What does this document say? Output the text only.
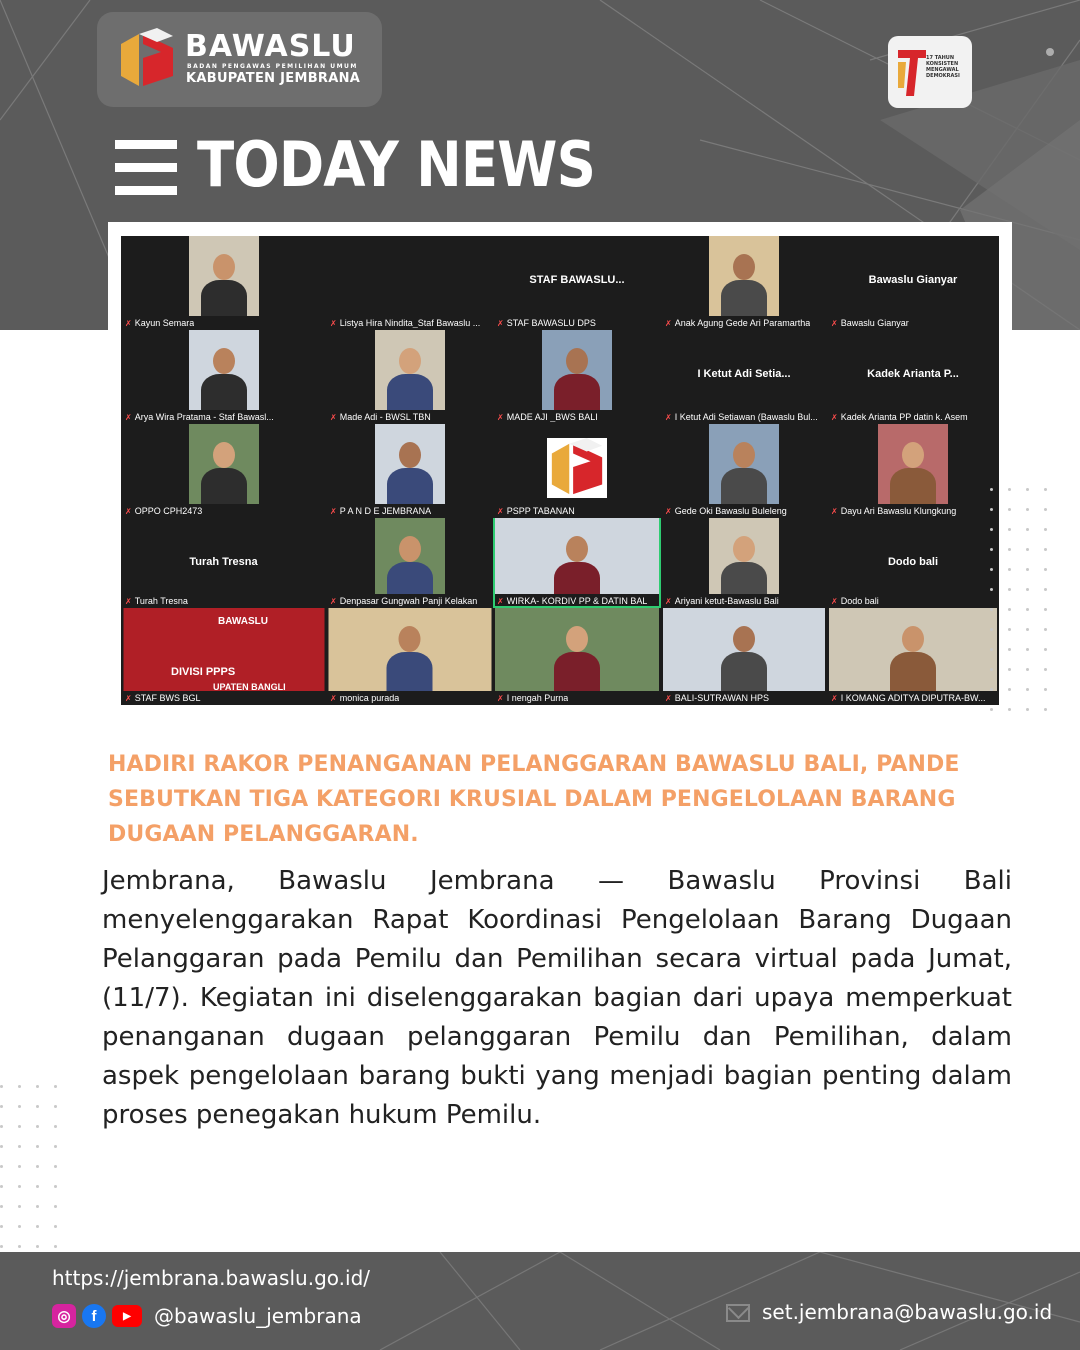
BAWASLU
BADAN PENGAWAS PEMILIHAN UMUM
KABUPATEN JEMBRANA
17 TAHUN KONSISTEN MENGAWAL DEMOKRASI
TODAY NEWS
✗ Kayun Semara	✗ Listya Hira Nindita_Staf Bawaslu ...
STAF BAWASLU...
✗ STAF BAWASLU DPS	✗ Anak Agung Gede Ari Paramartha
Bawaslu Gianyar
✗ Bawaslu Gianyar
✗ Arya Wira Pratama - Staf Bawasl...	✗ Made Adi - BWSL TBN	✗ MADE AJI _BWS BALI
I Ketut Adi Setia...
✗ I Ketut Adi Setiawan (Bawaslu Bul...
Kadek Arianta P...
✗ Kadek Arianta PP datin k. Asem
✗ OPPO CPH2473	✗ P A N D E JEMBRANA	✗ PSPP TABANAN	✗ Gede Oki Bawaslu Buleleng	✗ Dayu Ari Bawaslu Klungkung
Turah Tresna
✗ Turah Tresna	✗ Denpasar Gungwah Panji Kelakan	✗ WIRKA- KORDIV PP & DATIN BAL	✗ Ariyani ketut-Bawaslu Bali
Dodo bali
✗ Dodo bali
DIVISI PPPS
BAWASLU
UPATEN BANGLI
✗ STAF BWS BGL	✗ monica purada	✗ I nengah Purna	✗ BALI-SUTRAWAN HPS	✗ I KOMANG ADITYA DIPUTRA-BW...
HADIRI RAKOR PENANGANAN PELANGGARAN BAWASLU BALI, PANDE SEBUTKAN TIGA KATEGORI KRUSIAL DALAM PENGELOLAAN BARANG DUGAAN PELANGGARAN.
Jembrana, Bawaslu Jembrana — Bawaslu Provinsi Bali menyelenggarakan Rapat Koordinasi Pengelolaan Barang Dugaan Pelanggaran pada Pemilu dan Pemilihan secara virtual pada Jumat, (11/7). Kegiatan ini diselenggarakan bagian dari upaya memperkuat penanganan dugaan pelanggaran Pemilu dan Pemilihan, dalam aspek pengelolaan barang bukti yang menjadi bagian penting dalam proses penegakan hukum Pemilu.
https://jembrana.bawaslu.go.id/
◎	f	▶	@bawaslu_jembrana	set.jembrana@bawaslu.go.id
